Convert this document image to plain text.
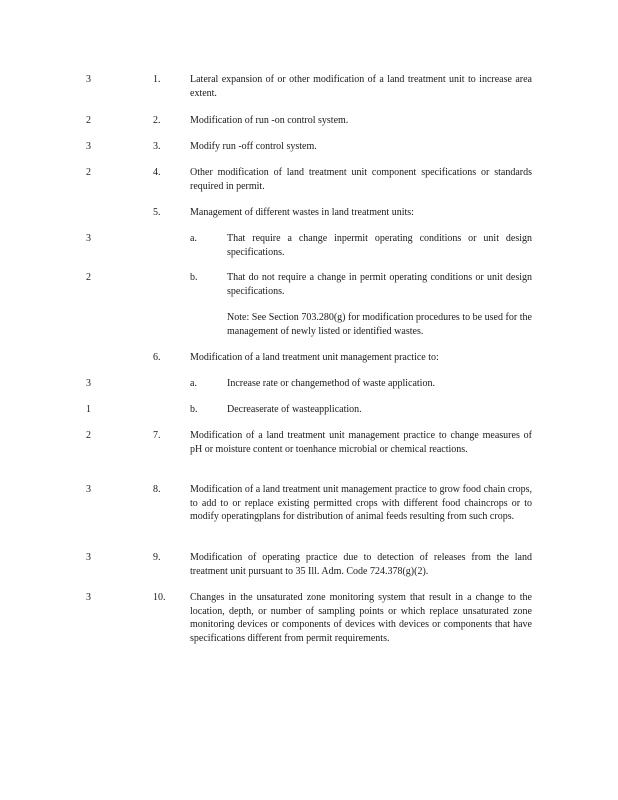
3	1.	Lateral expansion of or other modification of a land treatment unit to increase area extent.
2	2.	Modification of run -on control system.
3	3.	Modify run -off control system.
2	4.	Other modification of land treatment unit component specifications or standards required in permit.
5.	Management of different wastes in land treatment units:
3	a.	That require a change inpermit operating conditions or unit design specifications.
2	b.	That do not require a change in permit operating conditions or unit design specifications.
Note: See Section 703.280(g) for modification procedures to be used for the management of newly listed or identified wastes.
6.	Modification of a land treatment unit management practice to:
3	a.	Increase rate or changemethod of waste application.
1	b.	Decreaserate of wasteapplication.
2	7.	Modification of a land treatment unit management practice to change measures of pH or moisture content or toenhance microbial or chemical reactions.
3	8.	Modification of a land treatment unit management practice to grow food chain crops, to add to or replace existing permitted crops with different food chaincrops or to modify operatingplans for distribution of animal feeds resulting from such crops.
3	9.	Modification of operating practice due to detection of releases from the land treatment unit pursuant to 35 Ill. Adm. Code 724.378(g)(2).
3	10. Changes in the unsaturated zone monitoring system that result in a change to the location, depth, or number of sampling points or which replace unsaturated zone monitoring devices or components of devices with devices or components that have specifications different from permit requirements.
